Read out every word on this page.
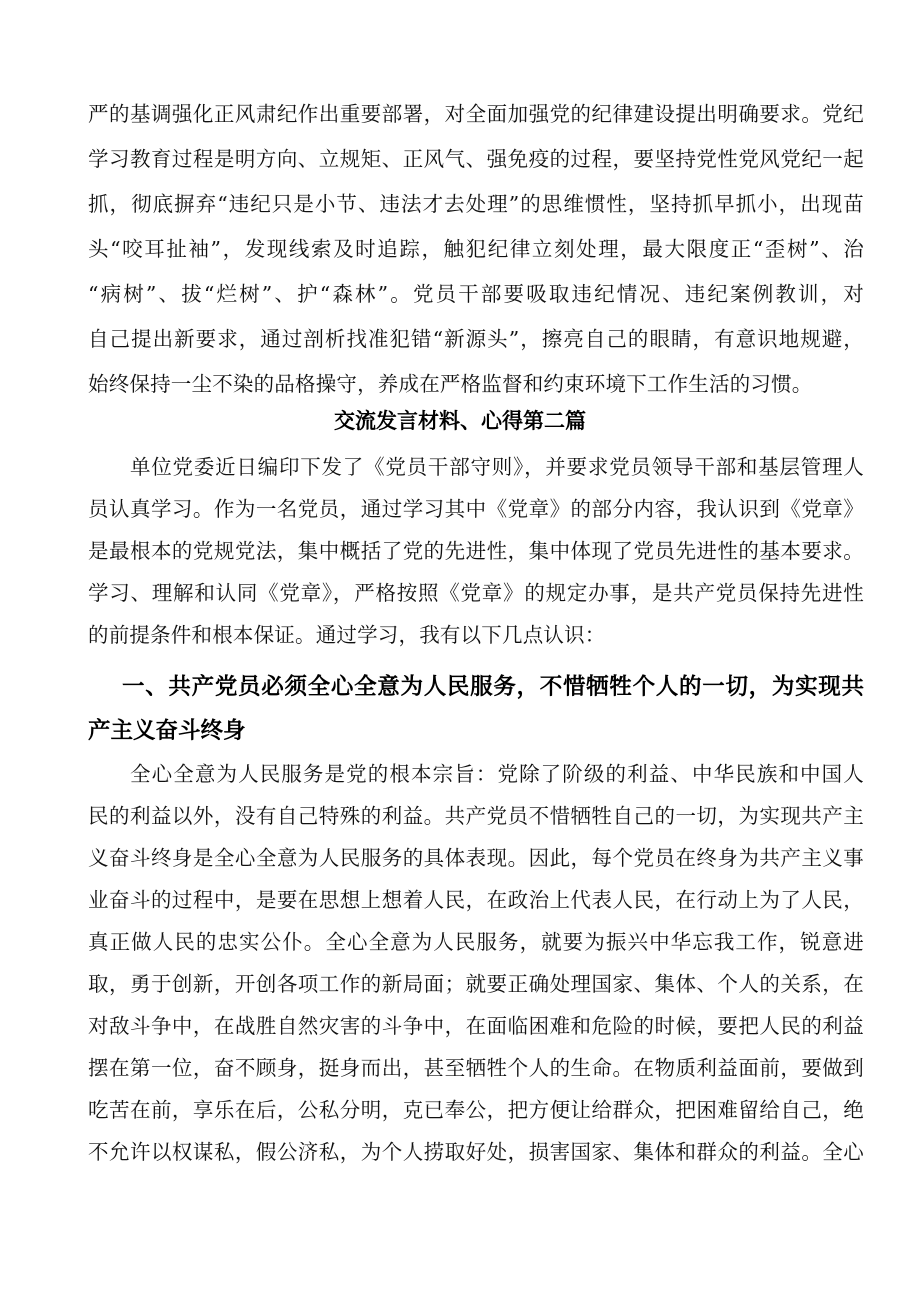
严的基调强化正风肃纪作出重要部署，对全面加强党的纪律建设提出明确要求。党纪

学习教育过程是明方向、立规矩、正风气、强免疫的过程，要坚持党性党风党纪一起

抓，彻底摒弃“违纪只是小节、违法才去处理”的思维惯性，坚持抓早抓小，出现苗

头“咬耳扯袖”，发现线索及时追踪，触犯纪律立刻处理，最大限度正“歪树”、治

“病树”、拔“烂树”、护“森林”。党员干部要吸取违纪情况、违纪案例教训，对

自己提出新要求，通过剖析找准犯错“新源头”，擦亮自己的眼睛，有意识地规避，

始终保持一尘不染的品格操守，养成在严格监督和约束环境下工作生活的习惯。

交流发言材料、心得第二篇

单位党委近日编印下发了《党员干部守则》，并要求党员领导干部和基层管理人

员认真学习。作为一名党员，通过学习其中《党章》的部分内容，我认识到《党章》

是最根本的党规党法，集中概括了党的先进性，集中体现了党员先进性的基本要求。

学习、理解和认同《党章》，严格按照《党章》的规定办事，是共产党员保持先进性

的前提条件和根本保证。通过学习，我有以下几点认识：

一、共产党员必须全心全意为人民服务，不惜牺牲个人的一切，为实现共
产主义奋斗终身

全心全意为人民服务是党的根本宗旨：党除了阶级的利益、中华民族和中国人

民的利益以外，没有自己特殊的利益。共产党员不惜牺牲自己的一切，为实现共产主

义奋斗终身是全心全意为人民服务的具体表现。因此，每个党员在终身为共产主义事

业奋斗的过程中，是要在思想上想着人民，在政治上代表人民，在行动上为了人民，

真正做人民的忠实公仆。全心全意为人民服务，就要为振兴中华忘我工作，锐意进

取，勇于创新，开创各项工作的新局面；就要正确处理国家、集体、个人的关系，在

对敌斗争中，在战胜自然灾害的斗争中，在面临困难和危险的时候，要把人民的利益

摆在第一位，奋不顾身，挺身而出，甚至牺牲个人的生命。在物质利益面前，要做到

吃苦在前，享乐在后，公私分明，克已奉公，把方便让给群众，把困难留给自己，绝

不允许以权谋私，假公济私，为个人捞取好处，损害国家、集体和群众的利益。全心
